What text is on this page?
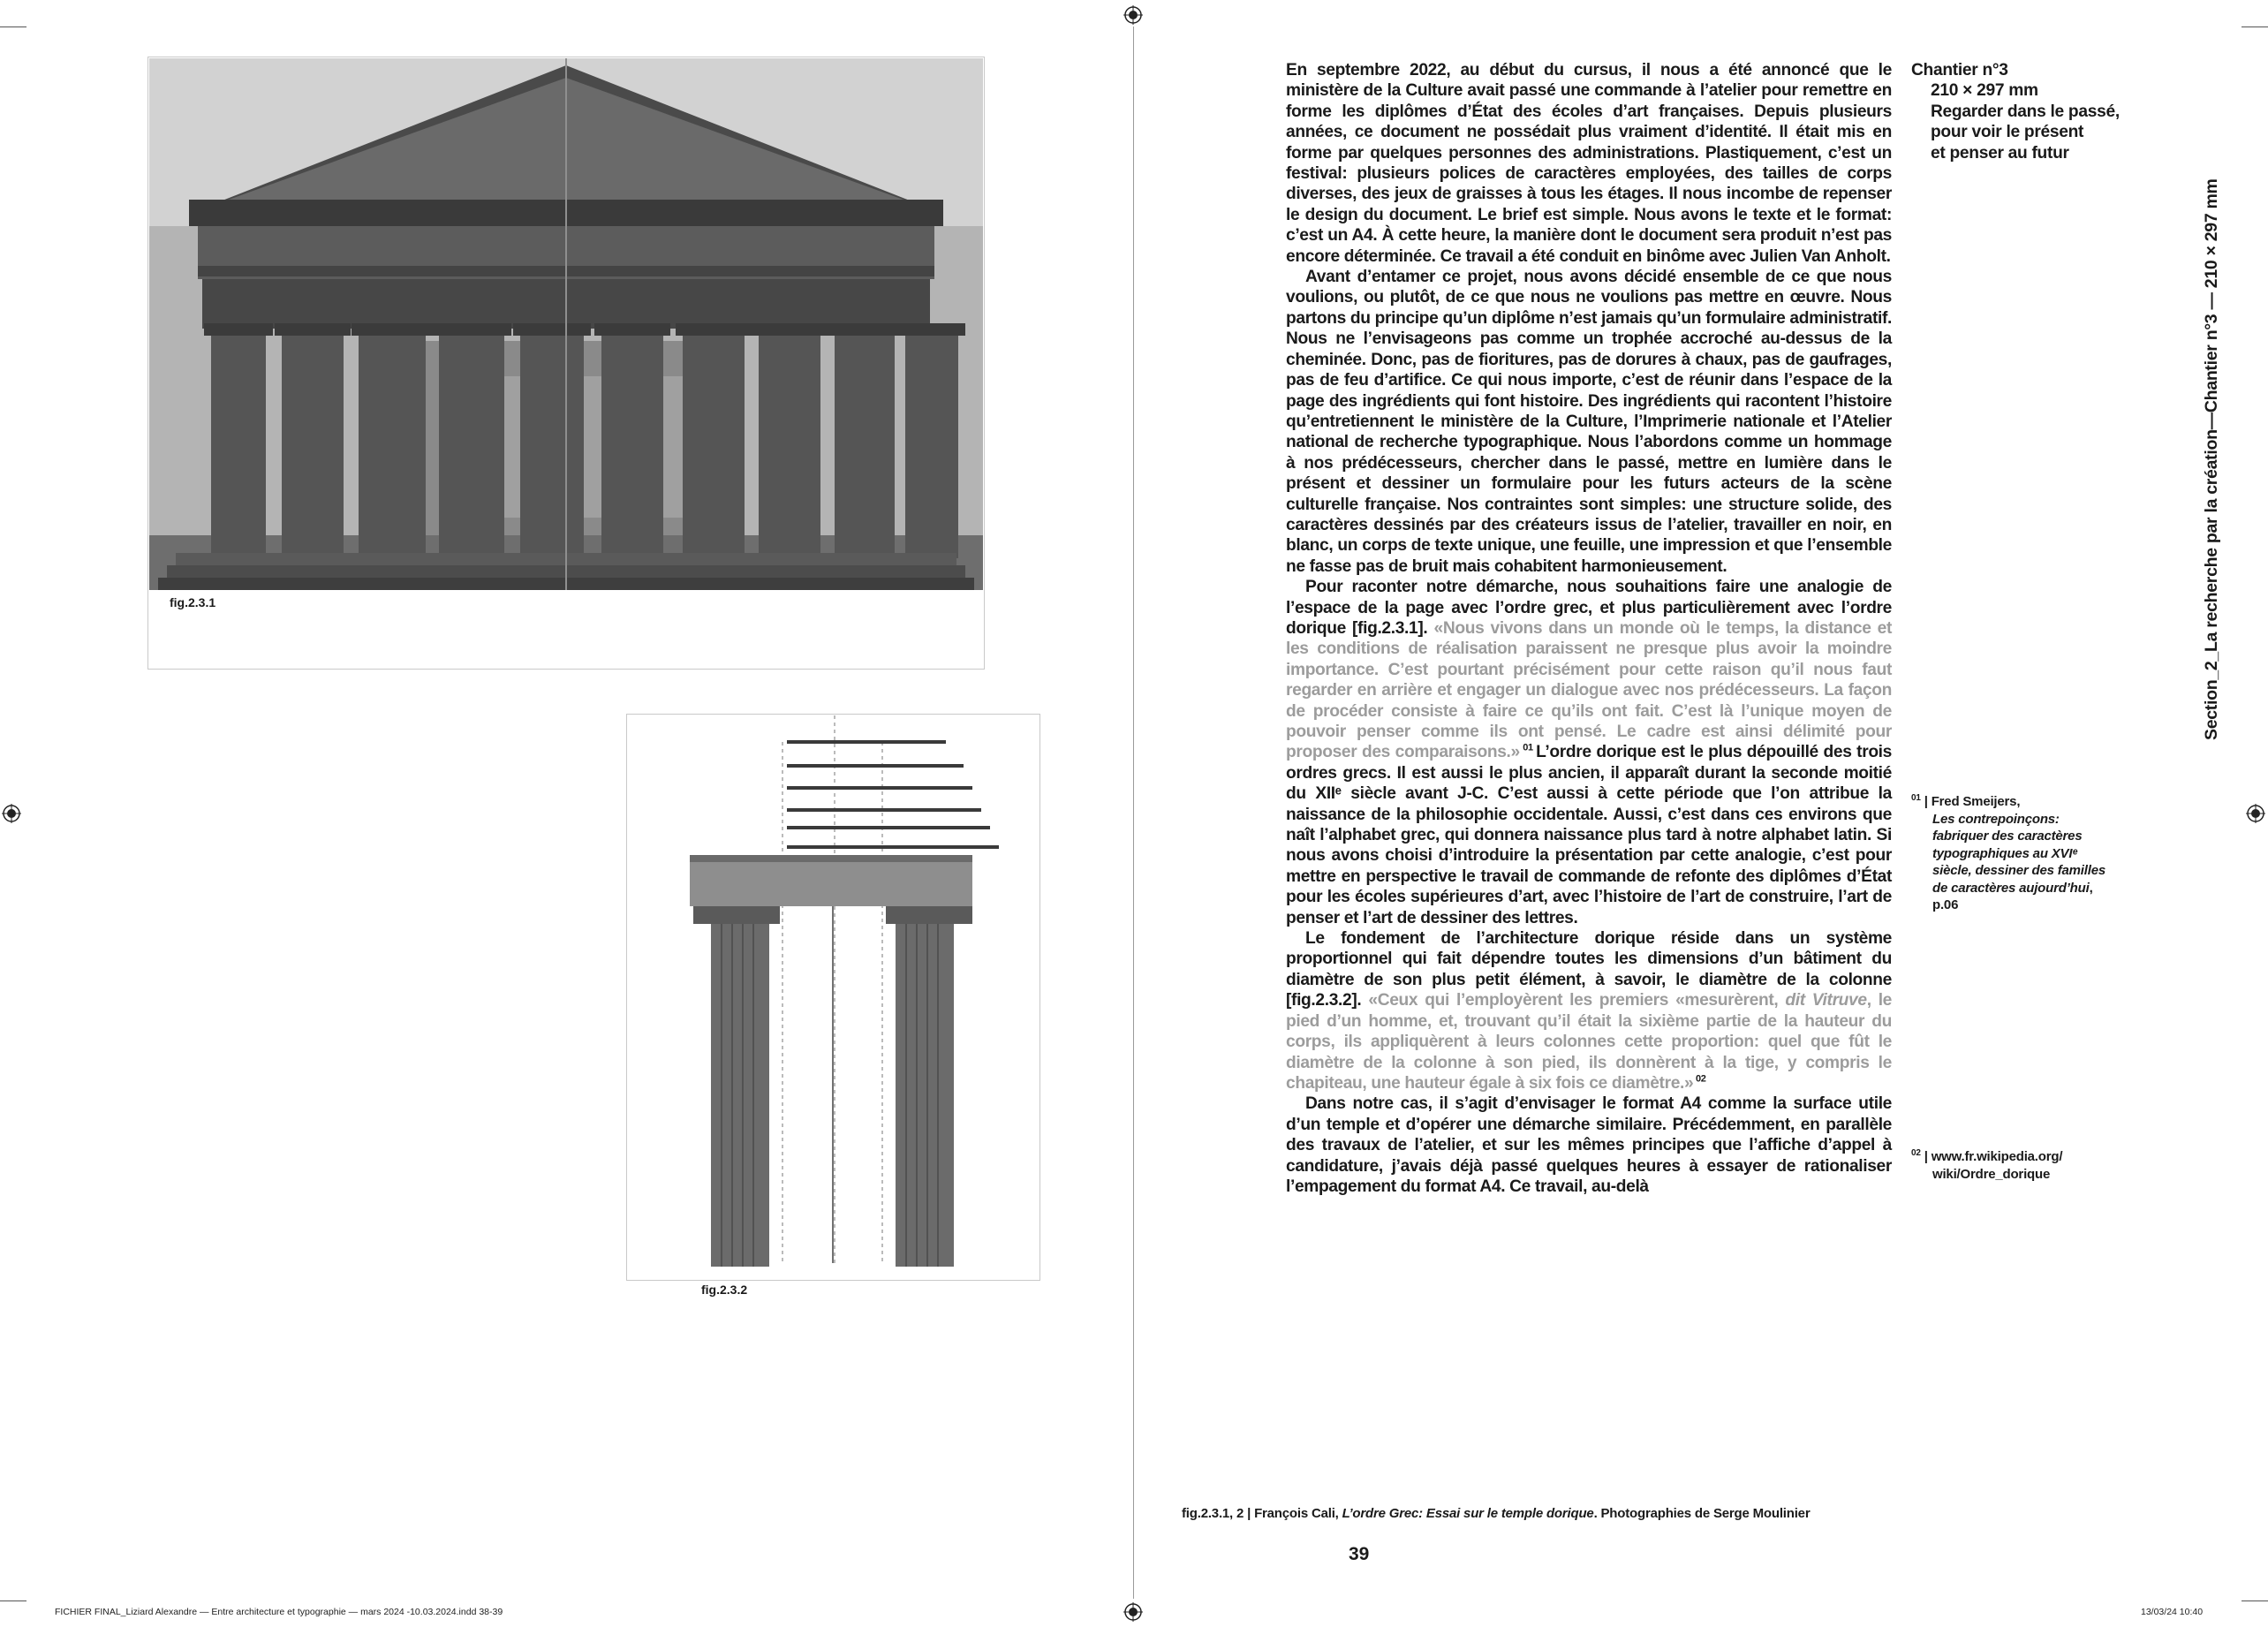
fig.2.3.1
fig.2.3.2

En septembre 2022, au début du cursus, il nous a été annoncé que le ministère de la Culture avait passé une commande à l’atelier pour remettre en forme les diplômes d’État des écoles d’art françaises. Depuis plusieurs années, ce document ne possédait plus vraiment d’identité. Il était mis en forme par quelques personnes des administrations. Plastiquement, c’est un festival: plusieurs polices de caractères employées, des tailles de corps diverses, des jeux de graisses à tous les étages. Il nous incombe de repenser le design du document. Le brief est simple. Nous avons le texte et le format: c’est un A4. À cette heure, la manière dont le document sera produit n’est pas encore déterminée. Ce travail a été conduit en binôme avec Julien Van Anholt.

Avant d’entamer ce projet, nous avons décidé ensemble de ce que nous voulions, ou plutôt, de ce que nous ne voulions pas mettre en œuvre. Nous partons du principe qu’un diplôme n’est jamais qu’un formulaire administratif. Nous ne l’envisageons pas comme un trophée accroché au-dessus de la cheminée. Donc, pas de fioritures, pas de dorures à chaux, pas de gaufrages, pas de feu d’artifice. Ce qui nous importe, c’est de réunir dans l’espace de la page des ingrédients qui font histoire. Des ingrédients qui racontent l’histoire qu’entretiennent le ministère de la Culture, l’Imprimerie nationale et l’Atelier national de recherche typographique. Nous l’abordons comme un hommage à nos prédécesseurs, chercher dans le passé, mettre en lumière dans le présent et dessiner un formulaire pour les futurs acteurs de la scène culturelle française. Nos contraintes sont simples: une structure solide, des caractères dessinés par des créateurs issus de l’atelier, travailler en noir, en blanc, un corps de texte unique, une feuille, une impression et que l’ensemble ne fasse pas de bruit mais cohabitent harmonieusement.

Pour raconter notre démarche, nous souhaitions faire une analogie de l’espace de la page avec l’ordre grec, et plus particulièrement avec l’ordre dorique [fig.2.3.1]. «Nous vivons dans un monde où le temps, la distance et les conditions de réalisation paraissent ne presque plus avoir la moindre importance. C’est pourtant précisément pour cette raison qu’il nous faut regarder en arrière et engager un dialogue avec nos prédécesseurs. La façon de procéder consiste à faire ce qu’ils ont fait. C’est là l’unique moyen de pouvoir penser comme ils ont pensé. Le cadre est ainsi délimité pour proposer des comparaisons.» $^{01}$ L’ordre dorique est le plus dépouillé des trois ordres grecs. Il est aussi le plus ancien, il apparaît durant la seconde moitié du XIIᵉ siècle avant J-C. C’est aussi à cette période que l’on attribue la naissance de la philosophie occidentale. Aussi, c’est dans ces environs que naît l’alphabet grec, qui donnera naissance plus tard à notre alphabet latin. Si nous avons choisi d’introduire la présentation par cette analogie, c’est pour mettre en perspective le travail de commande de refonte des diplômes d’État pour les écoles supérieures d’art, avec l’histoire de l’art de construire, l’art de penser et l’art de dessiner des lettres.

Le fondement de l’architecture dorique réside dans un système proportionnel qui fait dépendre toutes les dimensions d’un bâtiment du diamètre de son plus petit élément, à savoir, le diamètre de la colonne [fig.2.3.2]. «Ceux qui l’employèrent les premiers «mesurèrent, dit Vitruve, le pied d’un homme, et, trouvant qu’il était la sixième partie de la hauteur du corps, ils appliquèrent à leurs colonnes cette proportion: quel que fût le diamètre de la colonne à son pied, ils donnèrent à la tige, y compris le chapiteau, une hauteur égale à six fois ce diamètre.» $^{02}$

Dans notre cas, il s’agit d’envisager le format A4 comme la surface utile d’un temple et d’opérer une démarche similaire. Précédemment, en parallèle des travaux de l’atelier, et sur les mêmes principes que l’affiche d’appel à candidature, j’avais déjà passé quelques heures à essayer de rationaliser l’empagement du format A4. Ce travail, au-delà

Chantier n°3
210 × 297 mm
Regarder dans le passé,
pour voir le présent
et penser au futur
$^{01}$ | Fred Smeijers,
Les contrepoinçons: fabriquer des caractères typographiques au XVIᵉ siècle, dessiner des familles de caractères aujourd’hui, p.06
$^{02}$ | www.fr.wikipedia.org/
wiki/Ordre_dorique
Section_2_La recherche par la création—Chantier n°3 — 210 × 297 mm
fig.2.3.1, 2 | François Cali, L’ordre Grec: Essai sur le temple dorique. Photographies de Serge Moulinier
39
FICHIER FINAL_Liziard Alexandre — Entre architecture et typographie — mars 2024 -10.03.2024.indd 38-39	13/03/24 10:40
